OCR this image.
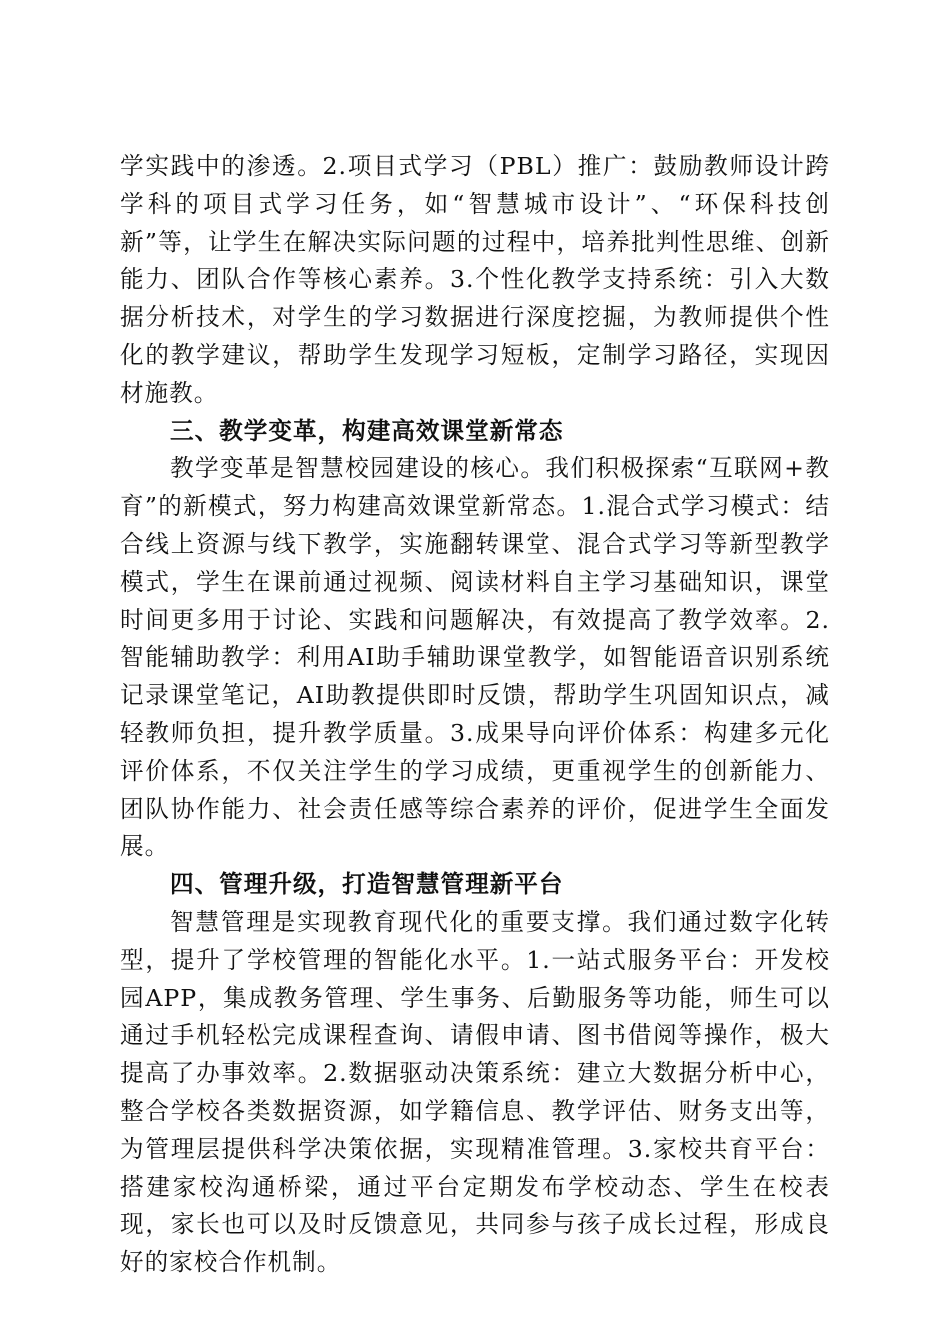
学实践中的渗透。2.项目式学习（PBL）推广：鼓励教师设计跨学科的项目式学习任务，如“智慧城市设计”、“环保科技创新”等，让学生在解决实际问题的过程中，培养批判性思维、创新能力、团队合作等核心素养。3.个性化教学支持系统：引入大数据分析技术，对学生的学习数据进行深度挖掘，为教师提供个性化的教学建议，帮助学生发现学习短板，定制学习路径，实现因材施教。

三、教学变革，构建高效课堂新常态

教学变革是智慧校园建设的核心。我们积极探索“互联网+教育”的新模式，努力构建高效课堂新常态。1.混合式学习模式：结合线上资源与线下教学，实施翻转课堂、混合式学习等新型教学模式，学生在课前通过视频、阅读材料自主学习基础知识，课堂时间更多用于讨论、实践和问题解决，有效提高了教学效率。2.智能辅助教学：利用AI助手辅助课堂教学，如智能语音识别系统记录课堂笔记，AI助教提供即时反馈，帮助学生巩固知识点，减轻教师负担，提升教学质量。3.成果导向评价体系：构建多元化评价体系，不仅关注学生的学习成绩，更重视学生的创新能力、团队协作能力、社会责任感等综合素养的评价，促进学生全面发展。

四、管理升级，打造智慧管理新平台

智慧管理是实现教育现代化的重要支撑。我们通过数字化转型，提升了学校管理的智能化水平。1.一站式服务平台：开发校园APP，集成教务管理、学生事务、后勤服务等功能，师生可以通过手机轻松完成课程查询、请假申请、图书借阅等操作，极大提高了办事效率。2.数据驱动决策系统：建立大数据分析中心，整合学校各类数据资源，如学籍信息、教学评估、财务支出等，为管理层提供科学决策依据，实现精准管理。3.家校共育平台：搭建家校沟通桥梁，通过平台定期发布学校动态、学生在校表现，家长也可以及时反馈意见，共同参与孩子成长过程，形成良好的家校合作机制。
